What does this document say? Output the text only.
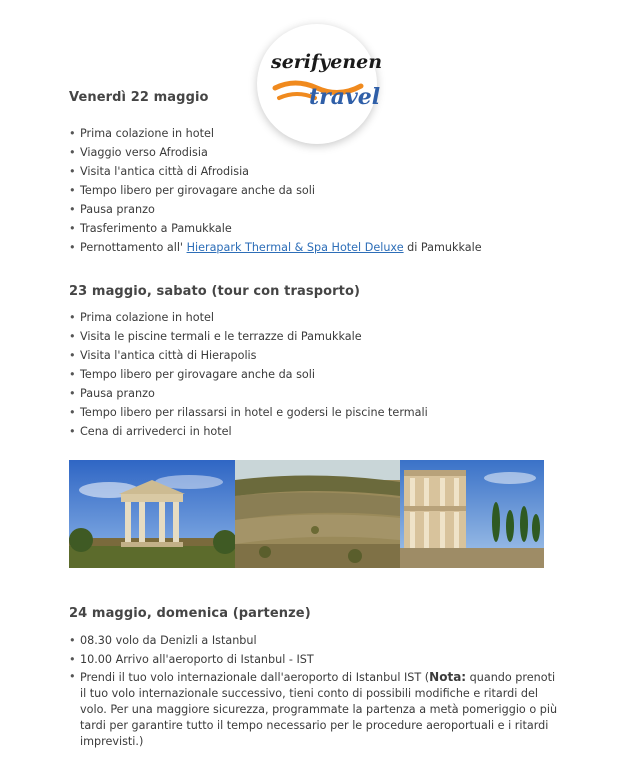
serifyenen
travel
Venerdì 22 maggio
• Prima colazione in hotel
• Viaggio verso Afrodisia
• Visita l'antica città di Afrodisia
• Tempo libero per girovagare anche da soli
• Pausa pranzo
• Trasferimento a Pamukkale
• Pernottamento all' Hierapark Thermal & Spa Hotel Deluxe di Pamukkale
23 maggio, sabato (tour con trasporto)
• Prima colazione in hotel
• Visita le piscine termali e le terrazze di Pamukkale
• Visita l'antica città di Hierapolis
• Tempo libero per girovagare anche da soli
• Pausa pranzo
• Tempo libero per rilassarsi in hotel e godersi le piscine termali
• Cena di arrivederci in hotel
24 maggio, domenica (partenze)
• 08.30 volo da Denizli a Istanbul
• 10.00 Arrivo all'aeroporto di Istanbul - IST
• Prendi il tuo volo internazionale dall'aeroporto di Istanbul IST (Nota: quando prenoti il tuo volo internazionale successivo, tieni conto di possibili modifiche e ritardi del volo. Per una maggiore sicurezza, programmate la partenza a metà pomeriggio o più tardi per garantire tutto il tempo necessario per le procedure aeroportuali e i ritardi imprevisti.)
